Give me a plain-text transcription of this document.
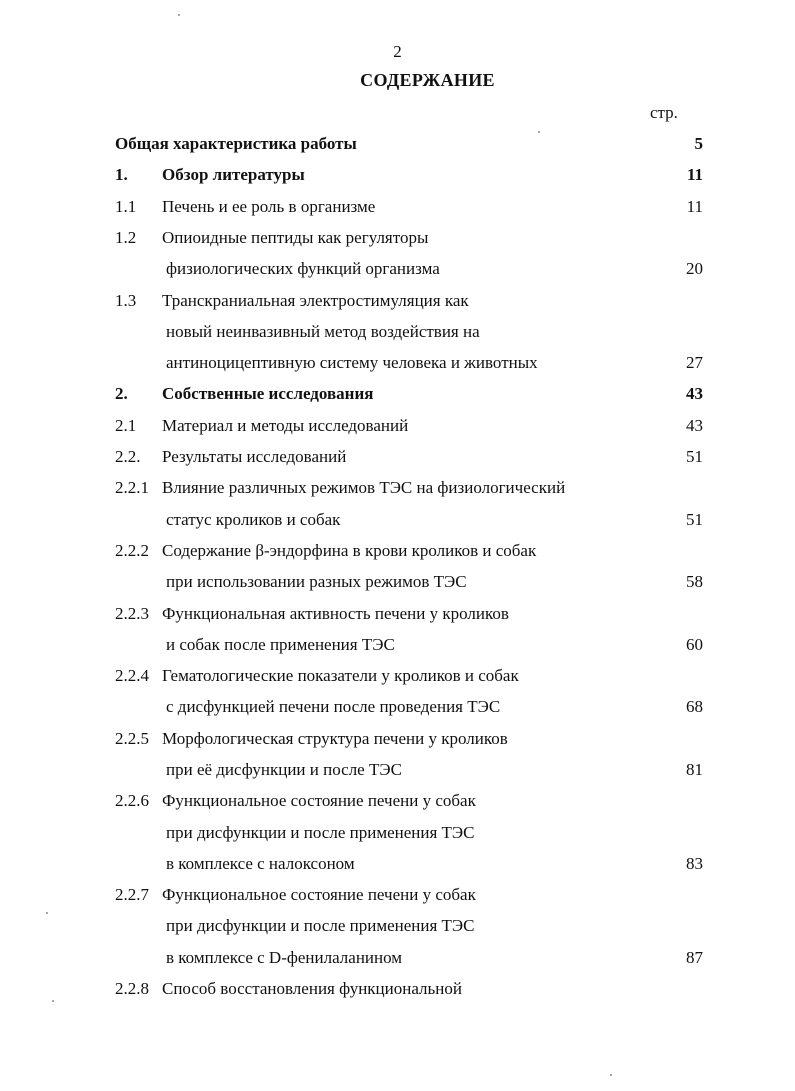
2
СОДЕРЖАНИЕ
стр.
Общая характеристика работы	5
1. Обзор литературы	11
1.1 Печень и ее роль в организме	11
1.2 Опиоидные пептиды как регуляторы
физиологических функций организма	20
1.3 Транскраниальная электростимуляция как
новый неинвазивный метод воздействия на
антиноцицептивную систему человека и животных	27
2. Собственные исследования	43
2.1 Материал и методы исследований	43
2.2. Результаты исследований	51
2.2.1 Влияние различных режимов ТЭС на физиологический
статус кроликов и собак	51
2.2.2 Содержание β-эндорфина в крови кроликов и собак
при использовании разных режимов ТЭС	58
2.2.3 Функциональная активность печени у кроликов
и собак после применения ТЭС	60
2.2.4 Гематологические показатели у кроликов и собак
с дисфункцией печени после проведения ТЭС	68
2.2.5 Морфологическая структура печени у кроликов
при её дисфункции и после ТЭС	81
2.2.6 Функциональное состояние печени у собак
при дисфункции и после применения ТЭС
в комплексе с налоксоном	83
2.2.7 Функциональное состояние печени у собак
при дисфункции и после применения ТЭС
в комплексе с D-фенилаланином	87
2.2.8 Способ восстановления функциональной
